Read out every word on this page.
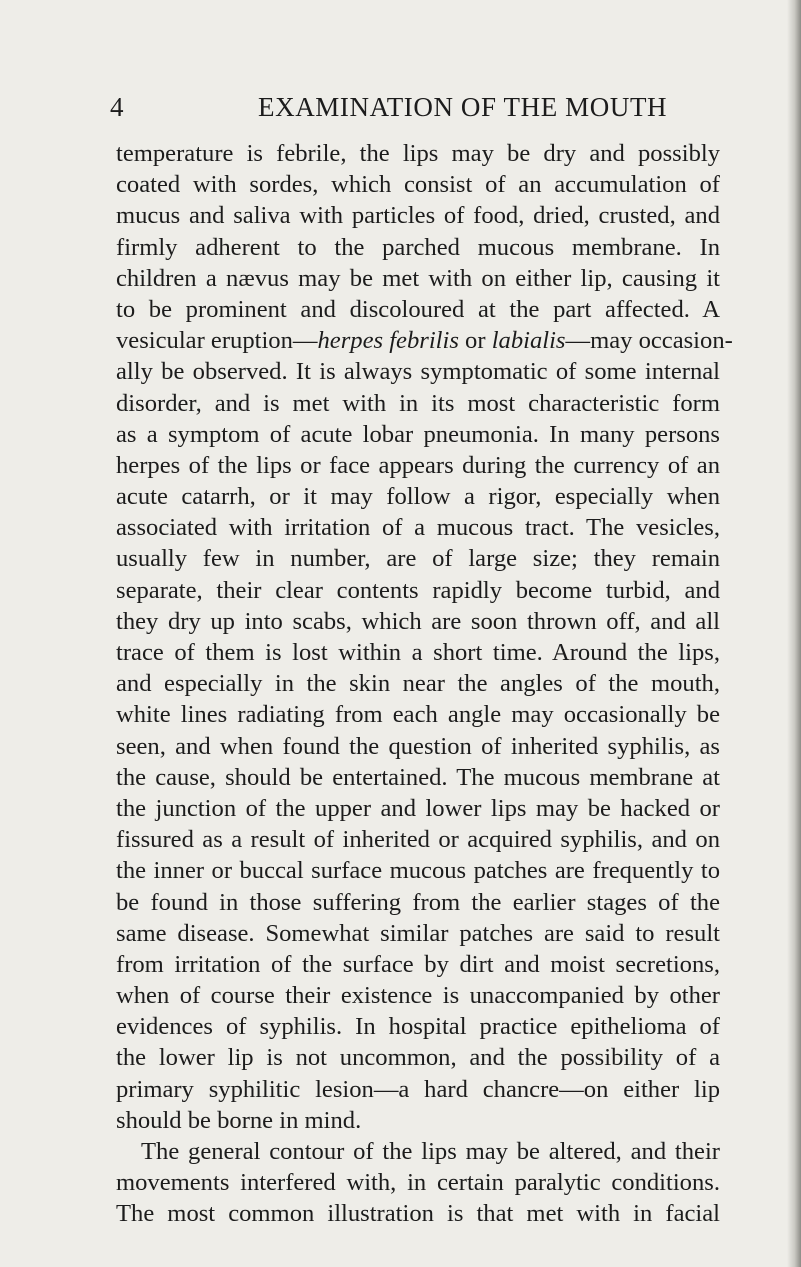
4	EXAMINATION OF THE MOUTH
temperature is febrile, the lips may be dry and possibly
coated with sordes, which consist of an accumulation of
mucus and saliva with particles of food, dried, crusted, and
firmly adherent to the parched mucous membrane. In
children a nævus may be met with on either lip, causing it
to be prominent and discoloured at the part affected. A
vesicular eruption—herpes febrilis or labialis—may occasion-
ally be observed. It is always symptomatic of some internal
disorder, and is met with in its most characteristic form
as a symptom of acute lobar pneumonia. In many persons
herpes of the lips or face appears during the currency of an
acute catarrh, or it may follow a rigor, especially when
associated with irritation of a mucous tract. The vesicles,
usually few in number, are of large size; they remain
separate, their clear contents rapidly become turbid, and
they dry up into scabs, which are soon thrown off, and all
trace of them is lost within a short time. Around the lips,
and especially in the skin near the angles of the mouth,
white lines radiating from each angle may occasionally be
seen, and when found the question of inherited syphilis, as
the cause, should be entertained. The mucous membrane at
the junction of the upper and lower lips may be hacked or
fissured as a result of inherited or acquired syphilis, and on
the inner or buccal surface mucous patches are frequently to
be found in those suffering from the earlier stages of the
same disease. Somewhat similar patches are said to result
from irritation of the surface by dirt and moist secretions,
when of course their existence is unaccompanied by other
evidences of syphilis. In hospital practice epithelioma of
the lower lip is not uncommon, and the possibility of a
primary syphilitic lesion—a hard chancre—on either lip
should be borne in mind.
The general contour of the lips may be altered, and their
movements interfered with, in certain paralytic conditions.
The most common illustration is that met with in facial
